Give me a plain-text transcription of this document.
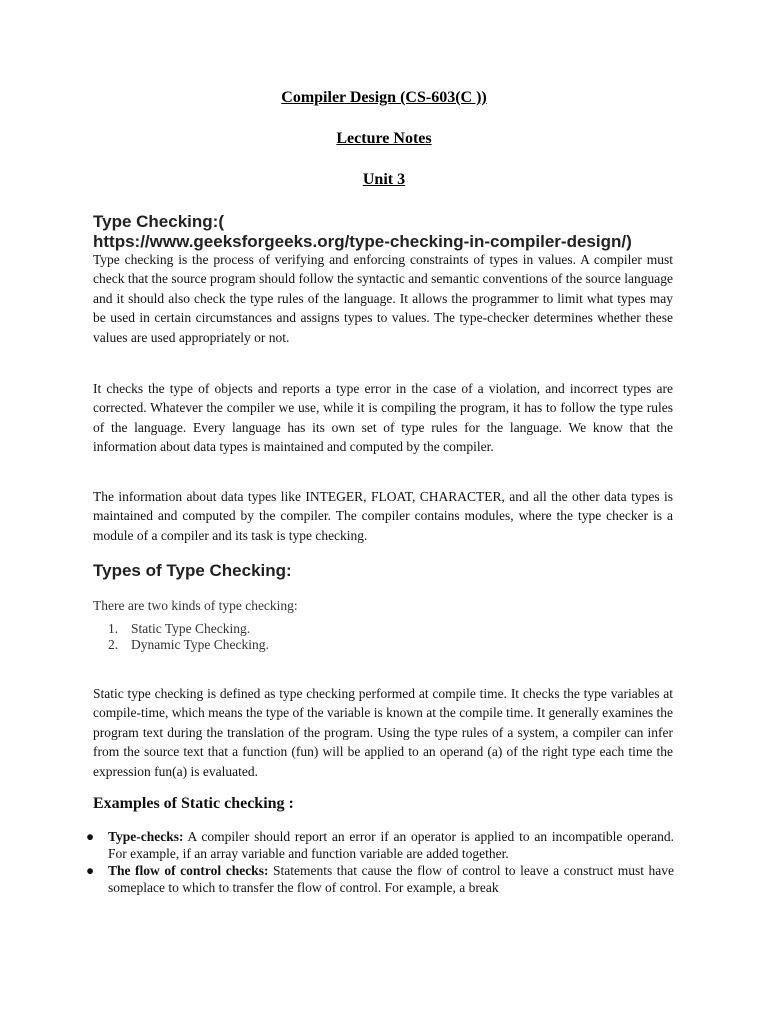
Compiler Design (CS-603(C ))
Lecture Notes
Unit 3
Type Checking:(
https://www.geeksforgeeks.org/type-checking-in-compiler-design/)

Type checking is the process of verifying and enforcing constraints of types in values. A compiler must check that the source program should follow the syntactic and semantic conventions of the source language and it should also check the type rules of the language. It allows the programmer to limit what types may be used in certain circumstances and assigns types to values. The type-checker determines whether these values are used appropriately or not.

It checks the type of objects and reports a type error in the case of a violation, and incorrect types are corrected. Whatever the compiler we use, while it is compiling the program, it has to follow the type rules of the language. Every language has its own set of type rules for the language. We know that the information about data types is maintained and computed by the compiler.

The information about data types like INTEGER, FLOAT, CHARACTER, and all the other data types is maintained and computed by the compiler. The compiler contains modules, where the type checker is a module of a compiler and its task is type checking.

Types of Type Checking:
There are two kinds of type checking:
1. Static Type Checking.
2. Dynamic Type Checking.

Static type checking is defined as type checking performed at compile time. It checks the type variables at compile-time, which means the type of the variable is known at the compile time. It generally examines the program text during the translation of the program. Using the type rules of a system, a compiler can infer from the source text that a function (fun) will be applied to an operand (a) of the right type each time the expression fun(a) is evaluated.

Examples of Static checking :
● Type-checks: A compiler should report an error if an operator is applied to an incompatible operand. For example, if an array variable and function variable are added together.
● The flow of control checks: Statements that cause the flow of control to leave a construct must have someplace to which to transfer the flow of control. For example, a break
